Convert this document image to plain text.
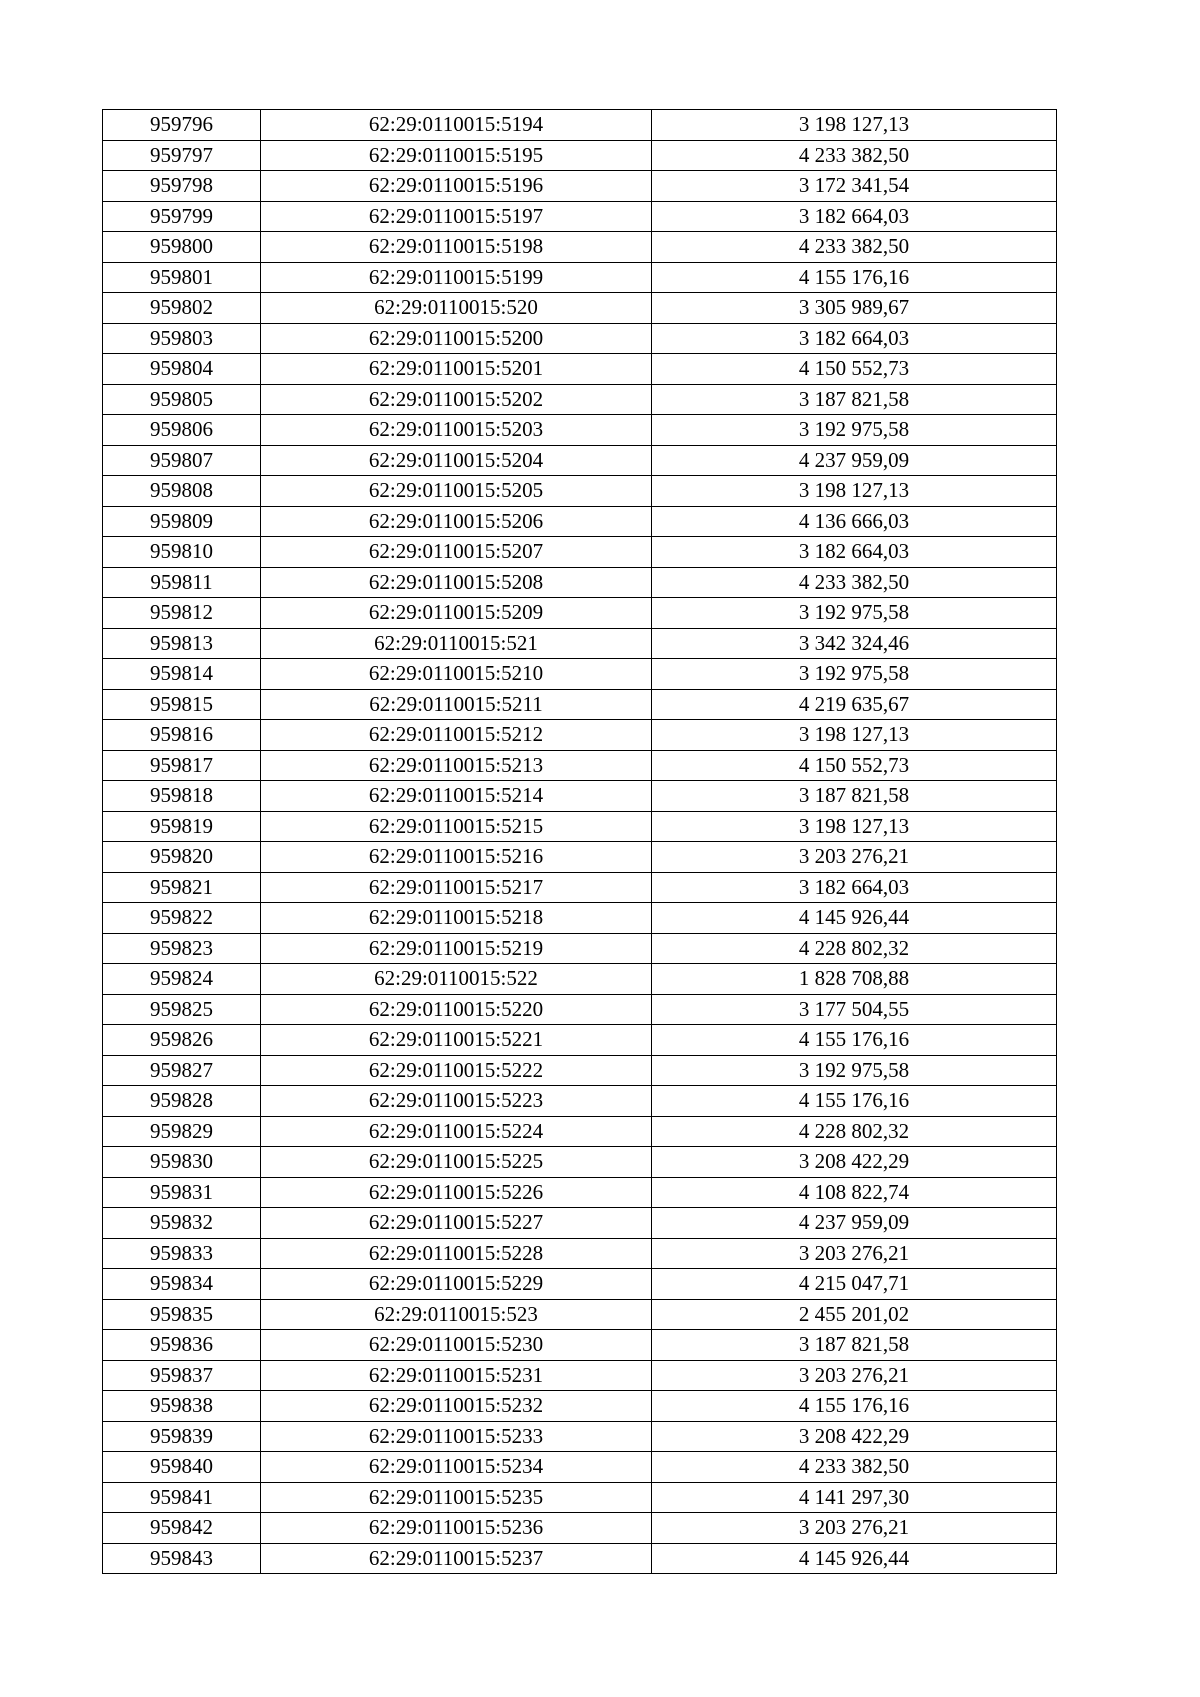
959796	62:29:0110015:5194	3 198 127,13
959797	62:29:0110015:5195	4 233 382,50
959798	62:29:0110015:5196	3 172 341,54
959799	62:29:0110015:5197	3 182 664,03
959800	62:29:0110015:5198	4 233 382,50
959801	62:29:0110015:5199	4 155 176,16
959802	62:29:0110015:520	3 305 989,67
959803	62:29:0110015:5200	3 182 664,03
959804	62:29:0110015:5201	4 150 552,73
959805	62:29:0110015:5202	3 187 821,58
959806	62:29:0110015:5203	3 192 975,58
959807	62:29:0110015:5204	4 237 959,09
959808	62:29:0110015:5205	3 198 127,13
959809	62:29:0110015:5206	4 136 666,03
959810	62:29:0110015:5207	3 182 664,03
959811	62:29:0110015:5208	4 233 382,50
959812	62:29:0110015:5209	3 192 975,58
959813	62:29:0110015:521	3 342 324,46
959814	62:29:0110015:5210	3 192 975,58
959815	62:29:0110015:5211	4 219 635,67
959816	62:29:0110015:5212	3 198 127,13
959817	62:29:0110015:5213	4 150 552,73
959818	62:29:0110015:5214	3 187 821,58
959819	62:29:0110015:5215	3 198 127,13
959820	62:29:0110015:5216	3 203 276,21
959821	62:29:0110015:5217	3 182 664,03
959822	62:29:0110015:5218	4 145 926,44
959823	62:29:0110015:5219	4 228 802,32
959824	62:29:0110015:522	1 828 708,88
959825	62:29:0110015:5220	3 177 504,55
959826	62:29:0110015:5221	4 155 176,16
959827	62:29:0110015:5222	3 192 975,58
959828	62:29:0110015:5223	4 155 176,16
959829	62:29:0110015:5224	4 228 802,32
959830	62:29:0110015:5225	3 208 422,29
959831	62:29:0110015:5226	4 108 822,74
959832	62:29:0110015:5227	4 237 959,09
959833	62:29:0110015:5228	3 203 276,21
959834	62:29:0110015:5229	4 215 047,71
959835	62:29:0110015:523	2 455 201,02
959836	62:29:0110015:5230	3 187 821,58
959837	62:29:0110015:5231	3 203 276,21
959838	62:29:0110015:5232	4 155 176,16
959839	62:29:0110015:5233	3 208 422,29
959840	62:29:0110015:5234	4 233 382,50
959841	62:29:0110015:5235	4 141 297,30
959842	62:29:0110015:5236	3 203 276,21
959843	62:29:0110015:5237	4 145 926,44
